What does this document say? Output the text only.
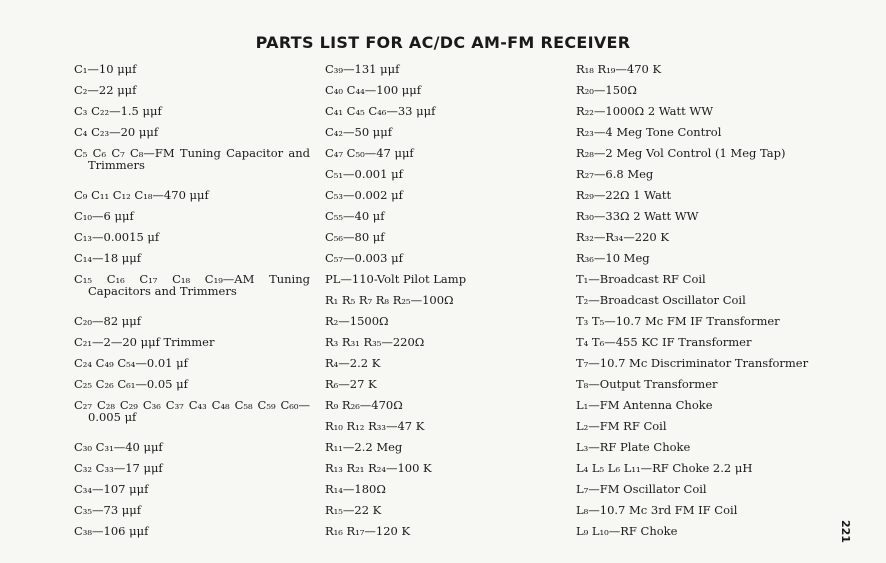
PARTS LIST FOR AC/DC AM-FM RECEIVER
C₁—10 μμf
C₂—22 μμf
C₃ C₂₂—1.5 μμf
C₄ C₂₃—20 μμf
C₅ C₆ C₇ C₈—FM Tuning Capacitor and Trimmers
C₉ C₁₁ C₁₂ C₁₈—470 μμf
C₁₀—6 μμf
C₁₃—0.0015 μf
C₁₄—18 μμf
C₁₅ C₁₆ C₁₇ C₁₈ C₁₉—AM Tuning Capacitors and Trimmers
C₂₀—82 μμf
C₂₁—2—20 μμf Trimmer
C₂₄ C₄₉ C₅₄—0.01 μf
C₂₅ C₂₆ C₆₁—0.05 μf
C₂₇ C₂₈ C₂₉ C₃₆ C₃₇ C₄₃ C₄₈ C₅₈ C₅₉ C₆₀—0.005 μf
C₃₀ C₃₁—40 μμf
C₃₂ C₃₃—17 μμf
C₃₄—107 μμf
C₃₅—73 μμf
C₃₈—106 μμf
C₃₉—131 μμf
C₄₀ C₄₄—100 μμf
C₄₁ C₄₅ C₄₆—33 μμf
C₄₂—50 μμf
C₄₇ C₅₀—47 μμf
C₅₁—0.001 μf
C₅₃—0.002 μf
C₅₅—40 μf
C₅₆—80 μf
C₅₇—0.003 μf
PL—110-Volt Pilot Lamp
R₁ R₅ R₇ R₈ R₂₅—100Ω
R₂—1500Ω
R₃ R₃₁ R₃₅—220Ω
R₄—2.2 K
R₆—27 K
R₉ R₂₆—470Ω
R₁₀ R₁₂ R₃₃—47 K
R₁₁—2.2 Meg
R₁₃ R₂₁ R₂₄—100 K
R₁₄—180Ω
R₁₅—22 K
R₁₆ R₁₇—120 K
R₁₈ R₁₉—470 K
R₂₀—150Ω
R₂₂—1000Ω 2 Watt WW
R₂₃—4 Meg Tone Control
R₂₈—2 Meg Vol Control (1 Meg Tap)
R₂₇—6.8 Meg
R₂₉—22Ω 1 Watt
R₃₀—33Ω 2 Watt WW
R₃₂—R₃₄—220 K
R₃₆—10 Meg
T₁—Broadcast RF Coil
T₂—Broadcast Oscillator Coil
T₃ T₅—10.7 Mc FM IF Transformer
T₄ T₆—455 KC IF Transformer
T₇—10.7 Mc Discriminator Transformer
T₈—Output Transformer
L₁—FM Antenna Choke
L₂—FM RF Coil
L₃—RF Plate Choke
L₄ L₅ L₆ L₁₁—RF Choke 2.2 μH
L₇—FM Oscillator Coil
L₈—10.7 Mc 3rd FM IF Coil
L₉ L₁₀—RF Choke	221
